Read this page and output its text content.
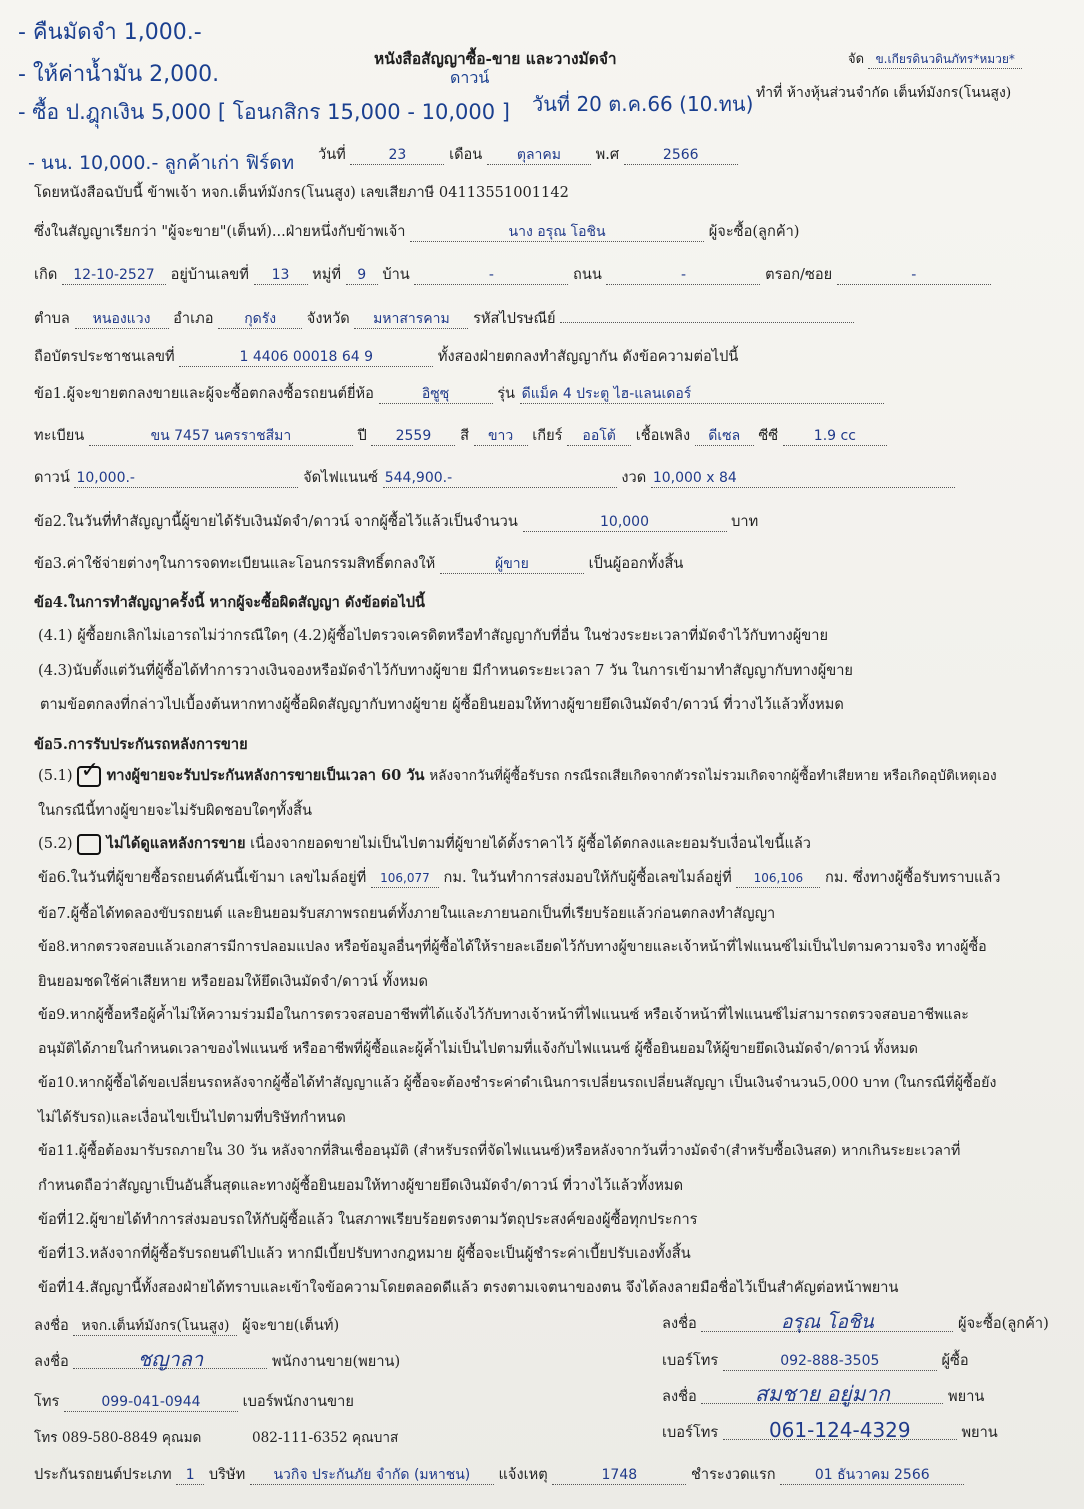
- คืนมัดจำ 1,000.-
- ให้ค่าน้ำมัน 2,000.	ดาวน์
- ซื้อ ป.ฎุกเงิน 5,000 [ โอนกสิกร 15,000 - 10,000 ] วันที่ 20 ต.ค.66 (10.ทน)
- นน. 10,000.- ลูกค้าเก่า ฟิร์ดท
หนังสือสัญญาซื้อ-ขาย และวางมัดจำ	จัด ข.เกียรดินวดินภัทร*หมวย*
ทำที่ ห้างหุ้นส่วนจำกัด เต็นท์มังกร(โนนสูง)
วันที่	23	เดือน ตุลาคม พ.ศ	2566
โดยหนังสือฉบับนี้ ข้าพเจ้า หจก.เต็นท์มังกร(โนนสูง) เลขเสียภาษี 04113551001142
ซึ่งในสัญญาเรียกว่า "ผู้จะขาย"(เต็นท์)...ฝ่ายหนึ่งกับข้าพเจ้า	นาง อรุณ โอชิน	ผู้จะซื้อ(ลูกค้า)
เกิด 12-10-2527 อยู่บ้านเลขที่ 13 หมู่ที่ 9 บ้าน	-	ถนน	-	ตรอก/ซอย	-
ตำบล หนองแวง อำเภอ กุดรัง จังหวัด มหาสารคาม รหัสไปรษณีย์
ถือบัตรประชาชนเลขที่	1 4406 00018 64 9	ทั้งสองฝ่ายตกลงทำสัญญากัน ดังข้อความต่อไปนี้
ข้อ1.ผู้จะขายตกลงขายและผู้จะซื้อตกลงซื้อรถยนต์ยี่ห้อ	อิซูซุ	รุ่น ดีแม็ค 4 ประตู ไฮ-แลนเดอร์
ทะเบียน	ขน 7457 นครราชสีมา	ปี 2559 สี ขาว เกียร์ ออโต้ เชื้อเพลิง ดีเซล ซีซี	1.9 cc
ดาวน์ 10,000.-	จัดไฟแนนซ์ 544,900.-	งวด 10,000 x 84
ข้อ2.ในวันที่ทำสัญญานี้ผู้ขายได้รับเงินมัดจำ/ดาวน์ จากผู้ซื้อไว้แล้วเป็นจำนวน	10,000	บาท
ข้อ3.ค่าใช้จ่ายต่างๆในการจดทะเบียนและโอนกรรมสิทธิ์ตกลงให้	ผู้ขาย	เป็นผู้ออกทั้งสิ้น
ข้อ4.ในการทำสัญญาครั้งนี้ หากผู้จะซื้อผิดสัญญา ดังข้อต่อไปนี้
(4.1) ผู้ซื้อยกเลิกไม่เอารถไม่ว่ากรณีใดๆ (4.2)ผู้ซื้อไปตรวจเครดิตหรือทำสัญญากับที่อื่น ในช่วงระยะเวลาที่มัดจำไว้กับทางผู้ขาย
(4.3)นับตั้งแต่วันที่ผู้ซื้อได้ทำการวางเงินจองหรือมัดจำไว้กับทางผู้ขาย มีกำหนดระยะเวลา 7 วัน ในการเข้ามาทำสัญญากับทางผู้ขาย
ตามข้อตกลงที่กล่าวไปเบื้องต้นหากทางผู้ซื้อผิดสัญญากับทางผู้ขาย ผู้ซื้อยินยอมให้ทางผู้ขายยึดเงินมัดจำ/ดาวน์ ที่วางไว้แล้วทั้งหมด
ข้อ5.การรับประกันรถหลังการขาย
(5.1) ✓ ทางผู้ขายจะรับประกันหลังการขายเป็นเวลา 60 วัน หลังจากวันที่ผู้ซื้อรับรถ กรณีรถเสียเกิดจากตัวรถไม่รวมเกิดจากผู้ซื้อทำเสียหาย หรือเกิดอุบัติเหตุเอง
ในกรณีนี้ทางผู้ขายจะไม่รับผิดชอบใดๆทั้งสิ้น
(5.2) ไม่ได้ดูแลหลังการขาย เนื่องจากยอดขายไม่เป็นไปตามที่ผู้ขายได้ตั้งราคาไว้ ผู้ซื้อได้ตกลงและยอมรับเงื่อนไขนี้แล้ว
ข้อ6.ในวันที่ผู้ขายซื้อรถยนต์คันนี้เข้ามา เลขไมล์อยู่ที่ 106,077 กม. ในวันทำการส่งมอบให้กับผู้ซื้อเลขไมล์อยู่ที่ 106,106 กม. ซึ่งทางผู้ซื้อรับทราบแล้ว
ข้อ7.ผู้ซื้อได้ทดลองขับรถยนต์ และยินยอมรับสภาพรถยนต์ทั้งภายในและภายนอกเป็นที่เรียบร้อยแล้วก่อนตกลงทำสัญญา
ข้อ8.หากตรวจสอบแล้วเอกสารมีการปลอมแปลง หรือข้อมูลอื่นๆที่ผู้ซื้อได้ให้รายละเอียดไว้กับทางผู้ขายและเจ้าหน้าที่ไฟแนนซ์ไม่เป็นไปตามความจริง ทางผู้ซื้อ
ยินยอมชดใช้ค่าเสียหาย หรือยอมให้ยึดเงินมัดจำ/ดาวน์ ทั้งหมด
ข้อ9.หากผู้ซื้อหรือผู้ค้ำไม่ให้ความร่วมมือในการตรวจสอบอาชีพที่ได้แจ้งไว้กับทางเจ้าหน้าที่ไฟแนนซ์ หรือเจ้าหน้าที่ไฟแนนซ์ไม่สามารถตรวจสอบอาชีพและ
อนุมัติได้ภายในกำหนดเวลาของไฟแนนซ์ หรืออาชีพที่ผู้ซื้อและผู้ค้ำไม่เป็นไปตามที่แจ้งกับไฟแนนซ์ ผู้ซื้อยินยอมให้ผู้ขายยึดเงินมัดจำ/ดาวน์ ทั้งหมด
ข้อ10.หากผู้ซื้อได้ขอเปลี่ยนรถหลังจากผู้ซื้อได้ทำสัญญาแล้ว ผู้ซื้อจะต้องชำระค่าดำเนินการเปลี่ยนรถเปลี่ยนสัญญา เป็นเงินจำนวน5,000 บาท (ในกรณีที่ผู้ซื้อยัง
ไม่ได้รับรถ)และเงื่อนไขเป็นไปตามที่บริษัทกำหนด
ข้อ11.ผู้ซื้อต้องมารับรถภายใน 30 วัน หลังจากที่สินเชื่ออนุมัติ (สำหรับรถที่จัดไฟแนนซ์)หรือหลังจากวันที่วางมัดจำ(สำหรับซื้อเงินสด) หากเกินระยะเวลาที่
กำหนดถือว่าสัญญาเป็นอันสิ้นสุดและทางผู้ซื้อยินยอมให้ทางผู้ขายยึดเงินมัดจำ/ดาวน์ ที่วางไว้แล้วทั้งหมด
ข้อที่12.ผู้ขายได้ทำการส่งมอบรถให้กับผู้ซื้อแล้ว ในสภาพเรียบร้อยตรงตามวัตถุประสงค์ของผู้ซื้อทุกประการ
ข้อที่13.หลังจากที่ผู้ซื้อรับรถยนต์ไปแล้ว หากมีเบี้ยปรับทางกฎหมาย ผู้ซื้อจะเป็นผู้ชำระค่าเบี้ยปรับเองทั้งสิ้น
ข้อที่14.สัญญานี้ทั้งสองฝ่ายได้ทราบและเข้าใจข้อความโดยตลอดดีแล้ว ตรงตามเจตนาของตน จึงได้ลงลายมือชื่อไว้เป็นสำคัญต่อหน้าพยาน
ลงชื่อ หจก.เต็นท์มังกร(โนนสูง) ผู้จะขาย(เต็นท์)
ลงชื่อ	ชญาลา	พนักงานขาย(พยาน)
โทร	099-041-0944	เบอร์พนักงานขาย
โทร 089-580-8849 คุณมด	082-111-6352 คุณบาส
ลงชื่อ	อรุณ โอชิน	ผู้จะซื้อ(ลูกค้า)
เบอร์โทร	092-888-3505	ผู้ซื้อ
ลงชื่อ	สมชาย อยู่มาก	พยาน
เบอร์โทร	061-124-4329	พยาน
ประกันรถยนต์ประเภท 1 บริษัท นวกิจ ประกันภัย จำกัด (มหาชน) แจ้งเหตุ	1748	ชำระงวดแรก	01 ธันวาคม 2566
